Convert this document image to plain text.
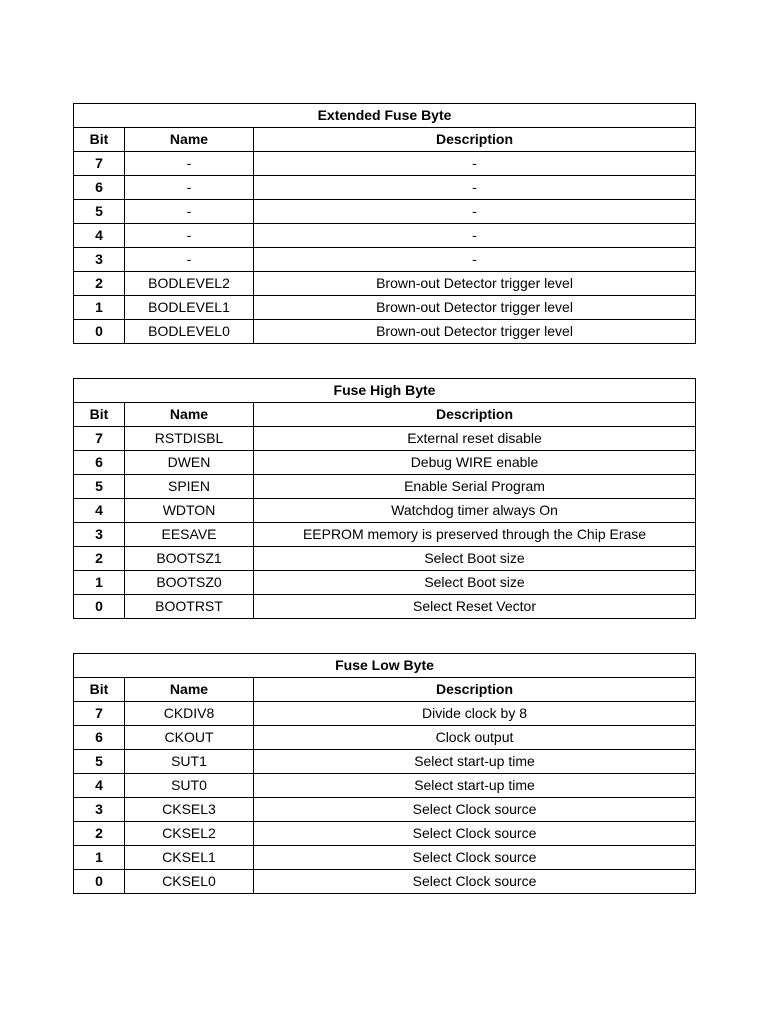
Extended Fuse Byte		
Bit	Name	Description
7	-	-
6	-	-
5	-	-
4	-	-
3	-	-
2	BODLEVEL2	Brown-out Detector trigger level
1	BODLEVEL1	Brown-out Detector trigger level
0	BODLEVEL0	Brown-out Detector trigger level
Fuse High Byte		
Bit	Name	Description
7	RSTDISBL	External reset disable
6	DWEN	Debug WIRE enable
5	SPIEN	Enable Serial Program
4	WDTON	Watchdog timer always On
3	EESAVE	EEPROM memory is preserved through the Chip Erase
2	BOOTSZ1	Select Boot size
1	BOOTSZ0	Select Boot size
0	BOOTRST	Select Reset Vector
Fuse Low Byte		
Bit	Name	Description
7	CKDIV8	Divide clock by 8
6	CKOUT	Clock output
5	SUT1	Select start-up time
4	SUT0	Select start-up time
3	CKSEL3	Select Clock source
2	CKSEL2	Select Clock source
1	CKSEL1	Select Clock source
0	CKSEL0	Select Clock source
